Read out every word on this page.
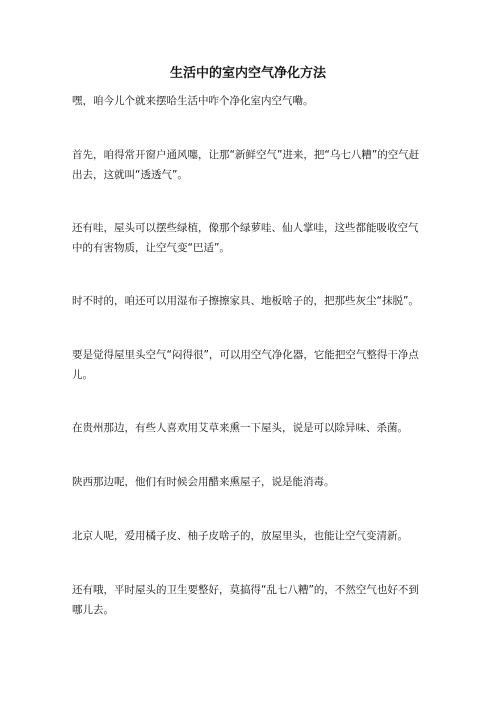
生活中的室内空气净化方法

嘿，咱今儿个就来摆哈生活中咋个净化室内空气嘞。

首先，咱得常开窗户通风噻，让那“新鲜空气”进来，把“乌七八糟”的空气赶出去，这就叫“透透气”。

还有哇，屋头可以摆些绿植，像那个绿萝哇、仙人掌哇，这些都能吸收空气中的有害物质，让空气变“巴适”。

时不时的，咱还可以用湿布子擦擦家具、地板啥子的，把那些灰尘“抹脱”。

要是觉得屋里头空气“闷得很”，可以用空气净化器，它能把空气整得干净点儿。

在贵州那边，有些人喜欢用艾草来熏一下屋头，说是可以除异味、杀菌。

陕西那边呢，他们有时候会用醋来熏屋子，说是能消毒。

北京人呢，爱用橘子皮、柚子皮啥子的，放屋里头，也能让空气变清新。

还有哦，平时屋头的卫生要整好，莫搞得“乱七八糟”的，不然空气也好不到哪儿去。
